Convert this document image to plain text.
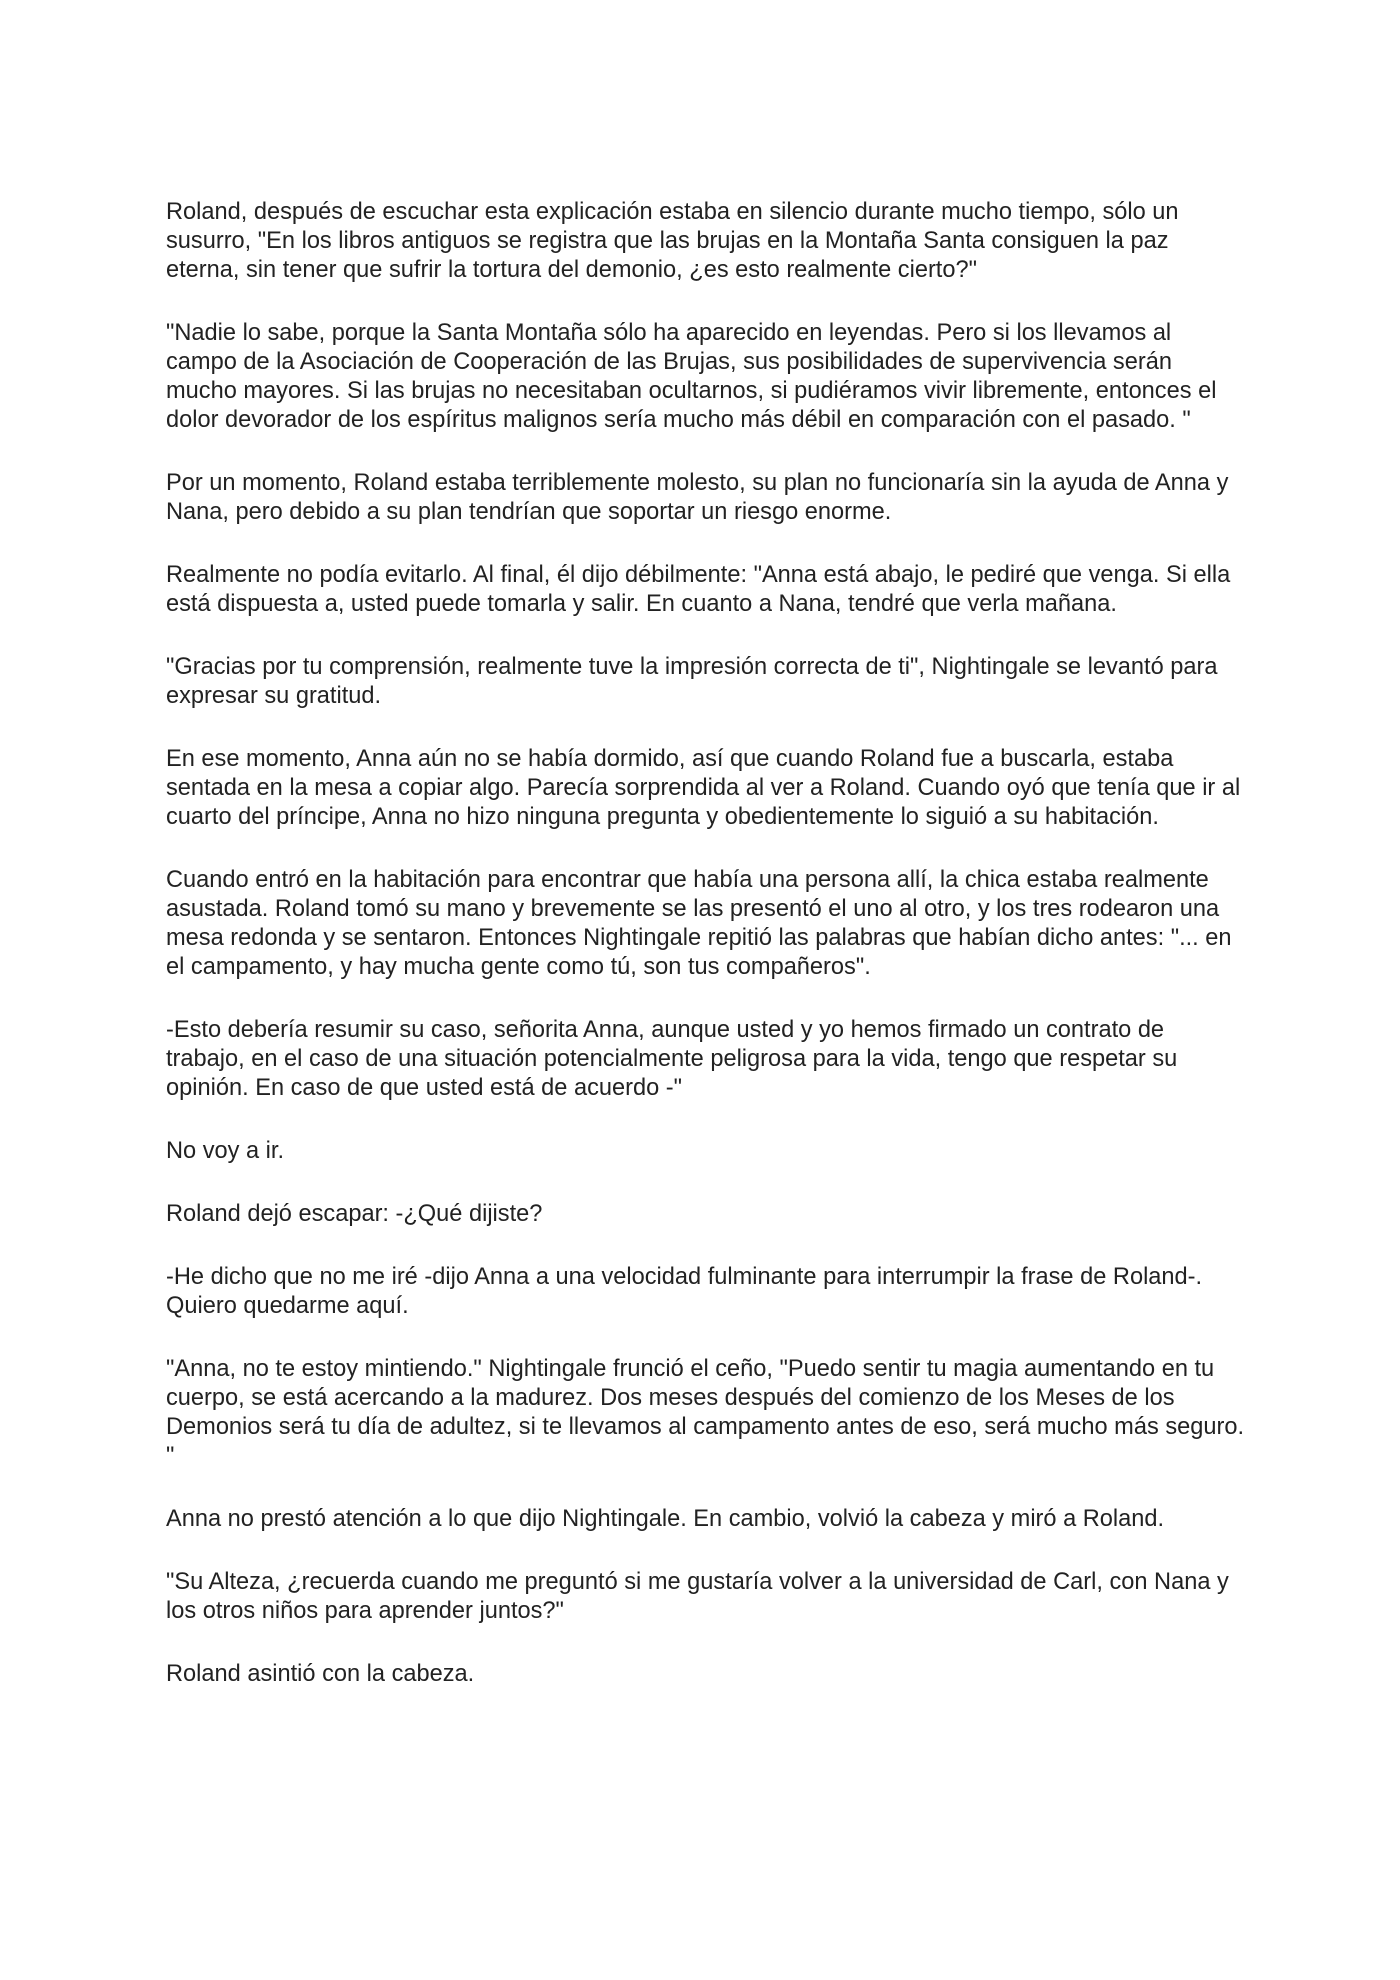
Roland, después de escuchar esta explicación estaba en silencio durante mucho tiempo, sólo un susurro, "En los libros antiguos se registra que las brujas en la Montaña Santa consiguen la paz eterna, sin tener que sufrir la tortura del demonio, ¿es esto realmente cierto?"

"Nadie lo sabe, porque la Santa Montaña sólo ha aparecido en leyendas. Pero si los llevamos al campo de la Asociación de Cooperación de las Brujas, sus posibilidades de supervivencia serán mucho mayores. Si las brujas no necesitaban ocultarnos, si pudiéramos vivir libremente, entonces el dolor devorador de los espíritus malignos sería mucho más débil en comparación con el pasado. "

Por un momento, Roland estaba terriblemente molesto, su plan no funcionaría sin la ayuda de Anna y Nana, pero debido a su plan tendrían que soportar un riesgo enorme.

Realmente no podía evitarlo. Al final, él dijo débilmente: "Anna está abajo, le pediré que venga. Si ella está dispuesta a, usted puede tomarla y salir. En cuanto a Nana, tendré que verla mañana.

"Gracias por tu comprensión, realmente tuve la impresión correcta de ti", Nightingale se levantó para expresar su gratitud.

En ese momento, Anna aún no se había dormido, así que cuando Roland fue a buscarla, estaba sentada en la mesa a copiar algo. Parecía sorprendida al ver a Roland. Cuando oyó que tenía que ir al cuarto del príncipe, Anna no hizo ninguna pregunta y obedientemente lo siguió a su habitación.

Cuando entró en la habitación para encontrar que había una persona allí, la chica estaba realmente asustada. Roland tomó su mano y brevemente se las presentó el uno al otro, y los tres rodearon una mesa redonda y se sentaron. Entonces Nightingale repitió las palabras que habían dicho antes: "... en el campamento, y hay mucha gente como tú, son tus compañeros".

-Esto debería resumir su caso, señorita Anna, aunque usted y yo hemos firmado un contrato de trabajo, en el caso de una situación potencialmente peligrosa para la vida, tengo que respetar su opinión. En caso de que usted está de acuerdo -"

No voy a ir.

Roland dejó escapar: -¿Qué dijiste?

-He dicho que no me iré -dijo Anna a una velocidad fulminante para interrumpir la frase de Roland-. Quiero quedarme aquí.

"Anna, no te estoy mintiendo." Nightingale frunció el ceño, "Puedo sentir tu magia aumentando en tu cuerpo, se está acercando a la madurez. Dos meses después del comienzo de los Meses de los Demonios será tu día de adultez, si te llevamos al campamento antes de eso, será mucho más seguro. "

Anna no prestó atención a lo que dijo Nightingale. En cambio, volvió la cabeza y miró a Roland.

"Su Alteza, ¿recuerda cuando me preguntó si me gustaría volver a la universidad de Carl, con Nana y los otros niños para aprender juntos?"

Roland asintió con la cabeza.
